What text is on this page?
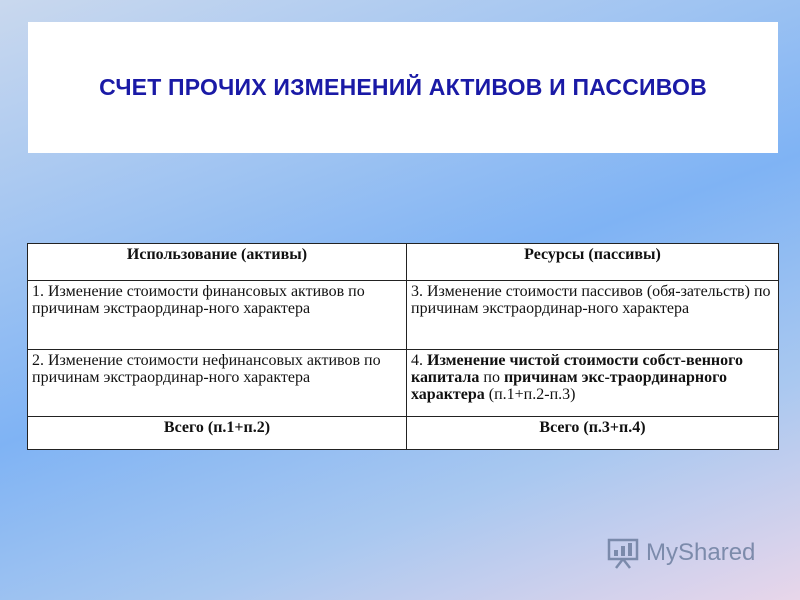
СЧЕТ ПРОЧИХ ИЗМЕНЕНИЙ АКТИВОВ И ПАССИВОВ
Использование (активы)	Ресурсы (пассивы)
1. Изменение стоимости финансовых активов по причинам экстраординар-ного характера	3. Изменение стоимости пассивов (обя-зательств) по причинам экстраординар-ного характера
2. Изменение стоимости нефинансовых активов по причинам экстраординар-ного характера	4. Изменение чистой стоимости собст-венного капитала по причинам экс-траординарного характера (п.1+п.2-п.3)
Всего (п.1+п.2)	Всего (п.3+п.4)
MyShared
